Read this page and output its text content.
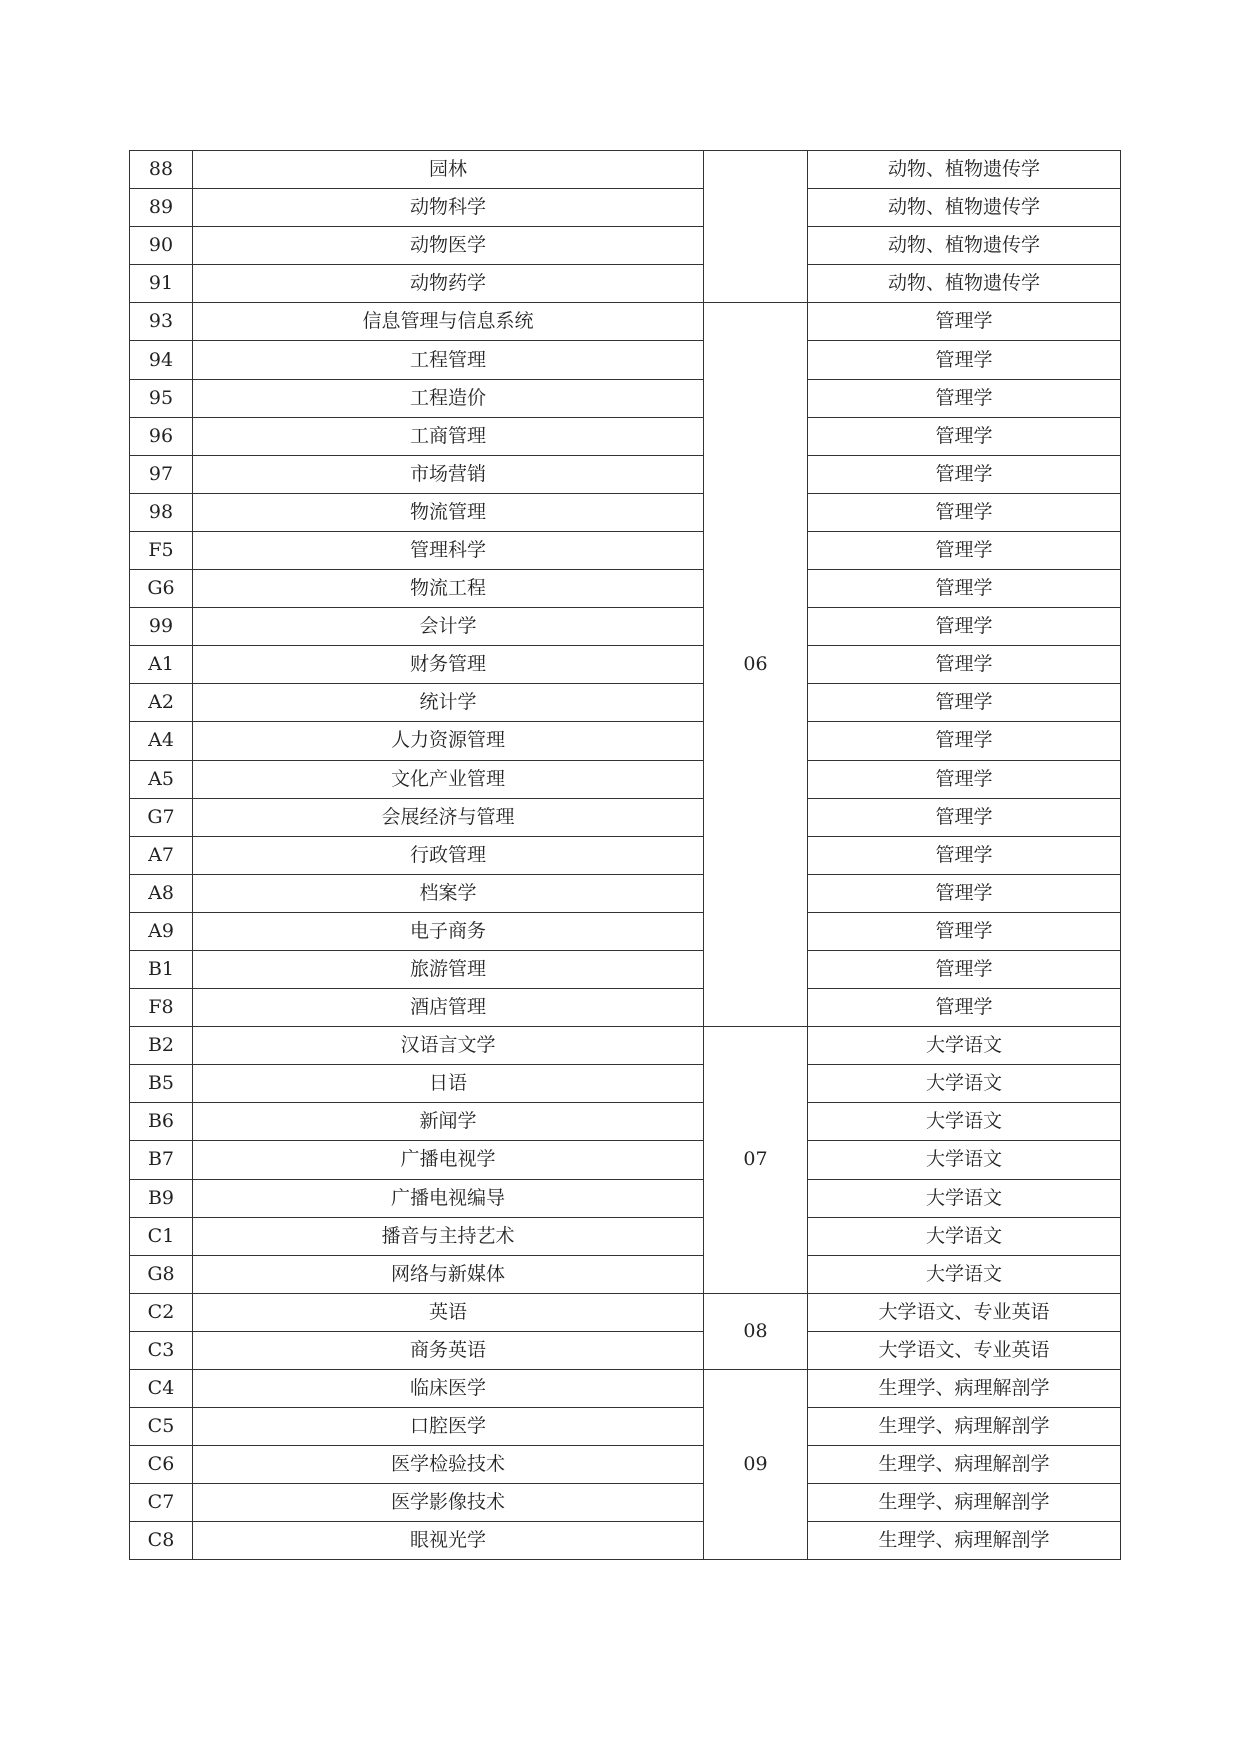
88	园林		动物、植物遗传学
89	动物科学		动物、植物遗传学
90	动物医学		动物、植物遗传学
91	动物药学		动物、植物遗传学
93	信息管理与信息系统	06	管理学
94	工程管理		管理学
95	工程造价		管理学
96	工商管理		管理学
97	市场营销		管理学
98	物流管理		管理学
F5	管理科学		管理学
G6	物流工程		管理学
99	会计学		管理学
A1	财务管理		管理学
A2	统计学		管理学
A4	人力资源管理		管理学
A5	文化产业管理		管理学
G7	会展经济与管理		管理学
A7	行政管理		管理学
A8	档案学		管理学
A9	电子商务		管理学
B1	旅游管理		管理学
F8	酒店管理		管理学
B2	汉语言文学	07	大学语文
B5	日语		大学语文
B6	新闻学		大学语文
B7	广播电视学		大学语文
B9	广播电视编导		大学语文
C1	播音与主持艺术		大学语文
G8	网络与新媒体		大学语文
C2	英语	08	大学语文、专业英语
C3	商务英语		大学语文、专业英语
C4	临床医学	09	生理学、病理解剖学
C5	口腔医学		生理学、病理解剖学
C6	医学检验技术		生理学、病理解剖学
C7	医学影像技术		生理学、病理解剖学
C8	眼视光学		生理学、病理解剖学
